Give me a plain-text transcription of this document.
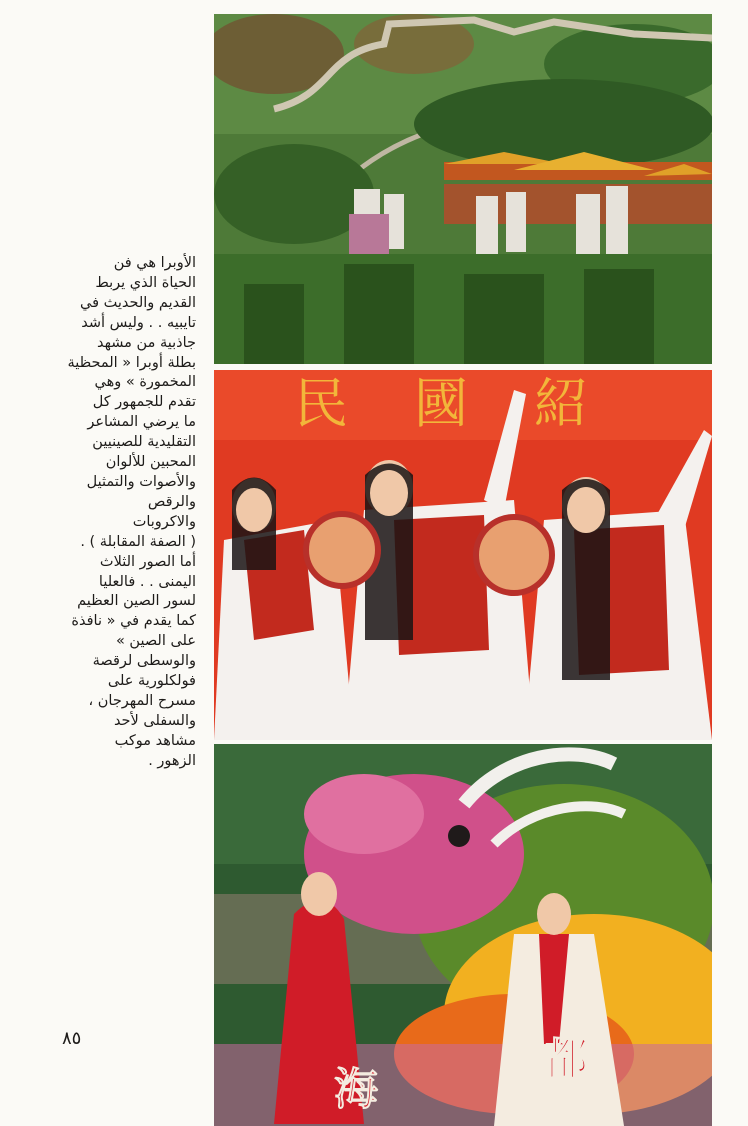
الأوبرا هي فن
الحياة الذي يربط
القديم والحديث في
تايبيه . . وليس أشد
جاذبية من مشهد
بطلة أوبرا « المحظية
المخمورة » وهي
تقدم للجمهور كل
ما يرضي المشاعر
التقليدية للصينيين
المحبين للألوان
والأصوات والتمثيل
والرقص
والاكروبات
( الصفة المقابلة ) .
أما الصور الثلاث
اليمنى . . فالعليا
لسور الصين العظيم
كما يقدم في « نافذة
على الصين »
والوسطى لرقصة
فولكلورية على
مسرح المهرجان ،
والسفلى لأحد
مشاهد موكب
الزهور .
٨٥
民 國 紹
海
都
